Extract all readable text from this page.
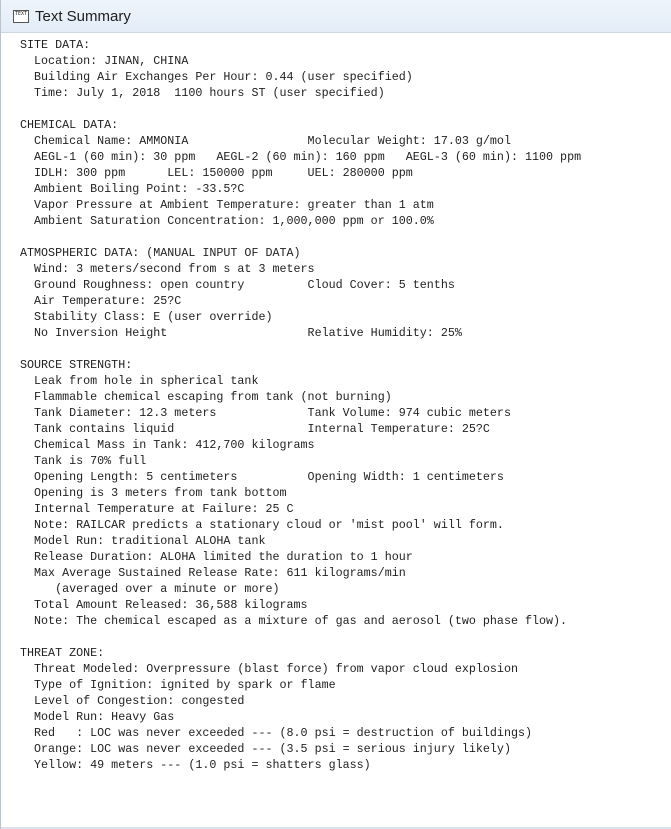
TEXT Text Summary
SITE DATA:
Location: JINAN, CHINA
Building Air Exchanges Per Hour: 0.44 (user specified)
Time: July 1, 2018  1100 hours ST (user specified)

CHEMICAL DATA:
Chemical Name: AMMONIA                 Molecular Weight: 17.03 g/mol
AEGL-1 (60 min): 30 ppm   AEGL-2 (60 min): 160 ppm   AEGL-3 (60 min): 1100 ppm
IDLH: 300 ppm      LEL: 150000 ppm     UEL: 280000 ppm
Ambient Boiling Point: -33.5?C
Vapor Pressure at Ambient Temperature: greater than 1 atm
Ambient Saturation Concentration: 1,000,000 ppm or 100.0%

ATMOSPHERIC DATA: (MANUAL INPUT OF DATA)
Wind: 3 meters/second from s at 3 meters
Ground Roughness: open country         Cloud Cover: 5 tenths
Air Temperature: 25?C
Stability Class: E (user override)
No Inversion Height                    Relative Humidity: 25%

SOURCE STRENGTH:
Leak from hole in spherical tank
Flammable chemical escaping from tank (not burning)
Tank Diameter: 12.3 meters             Tank Volume: 974 cubic meters
Tank contains liquid                   Internal Temperature: 25?C
Chemical Mass in Tank: 412,700 kilograms
Tank is 70% full
Opening Length: 5 centimeters          Opening Width: 1 centimeters
Opening is 3 meters from tank bottom
Internal Temperature at Failure: 25 C
Note: RAILCAR predicts a stationary cloud or 'mist pool' will form.
Model Run: traditional ALOHA tank
Release Duration: ALOHA limited the duration to 1 hour
Max Average Sustained Release Rate: 611 kilograms/min
(averaged over a minute or more)
Total Amount Released: 36,588 kilograms
Note: The chemical escaped as a mixture of gas and aerosol (two phase flow).

THREAT ZONE:
Threat Modeled: Overpressure (blast force) from vapor cloud explosion
Type of Ignition: ignited by spark or flame
Level of Congestion: congested
Model Run: Heavy Gas
Red   : LOC was never exceeded --- (8.0 psi = destruction of buildings)
Orange: LOC was never exceeded --- (3.5 psi = serious injury likely)
Yellow: 49 meters --- (1.0 psi = shatters glass)
